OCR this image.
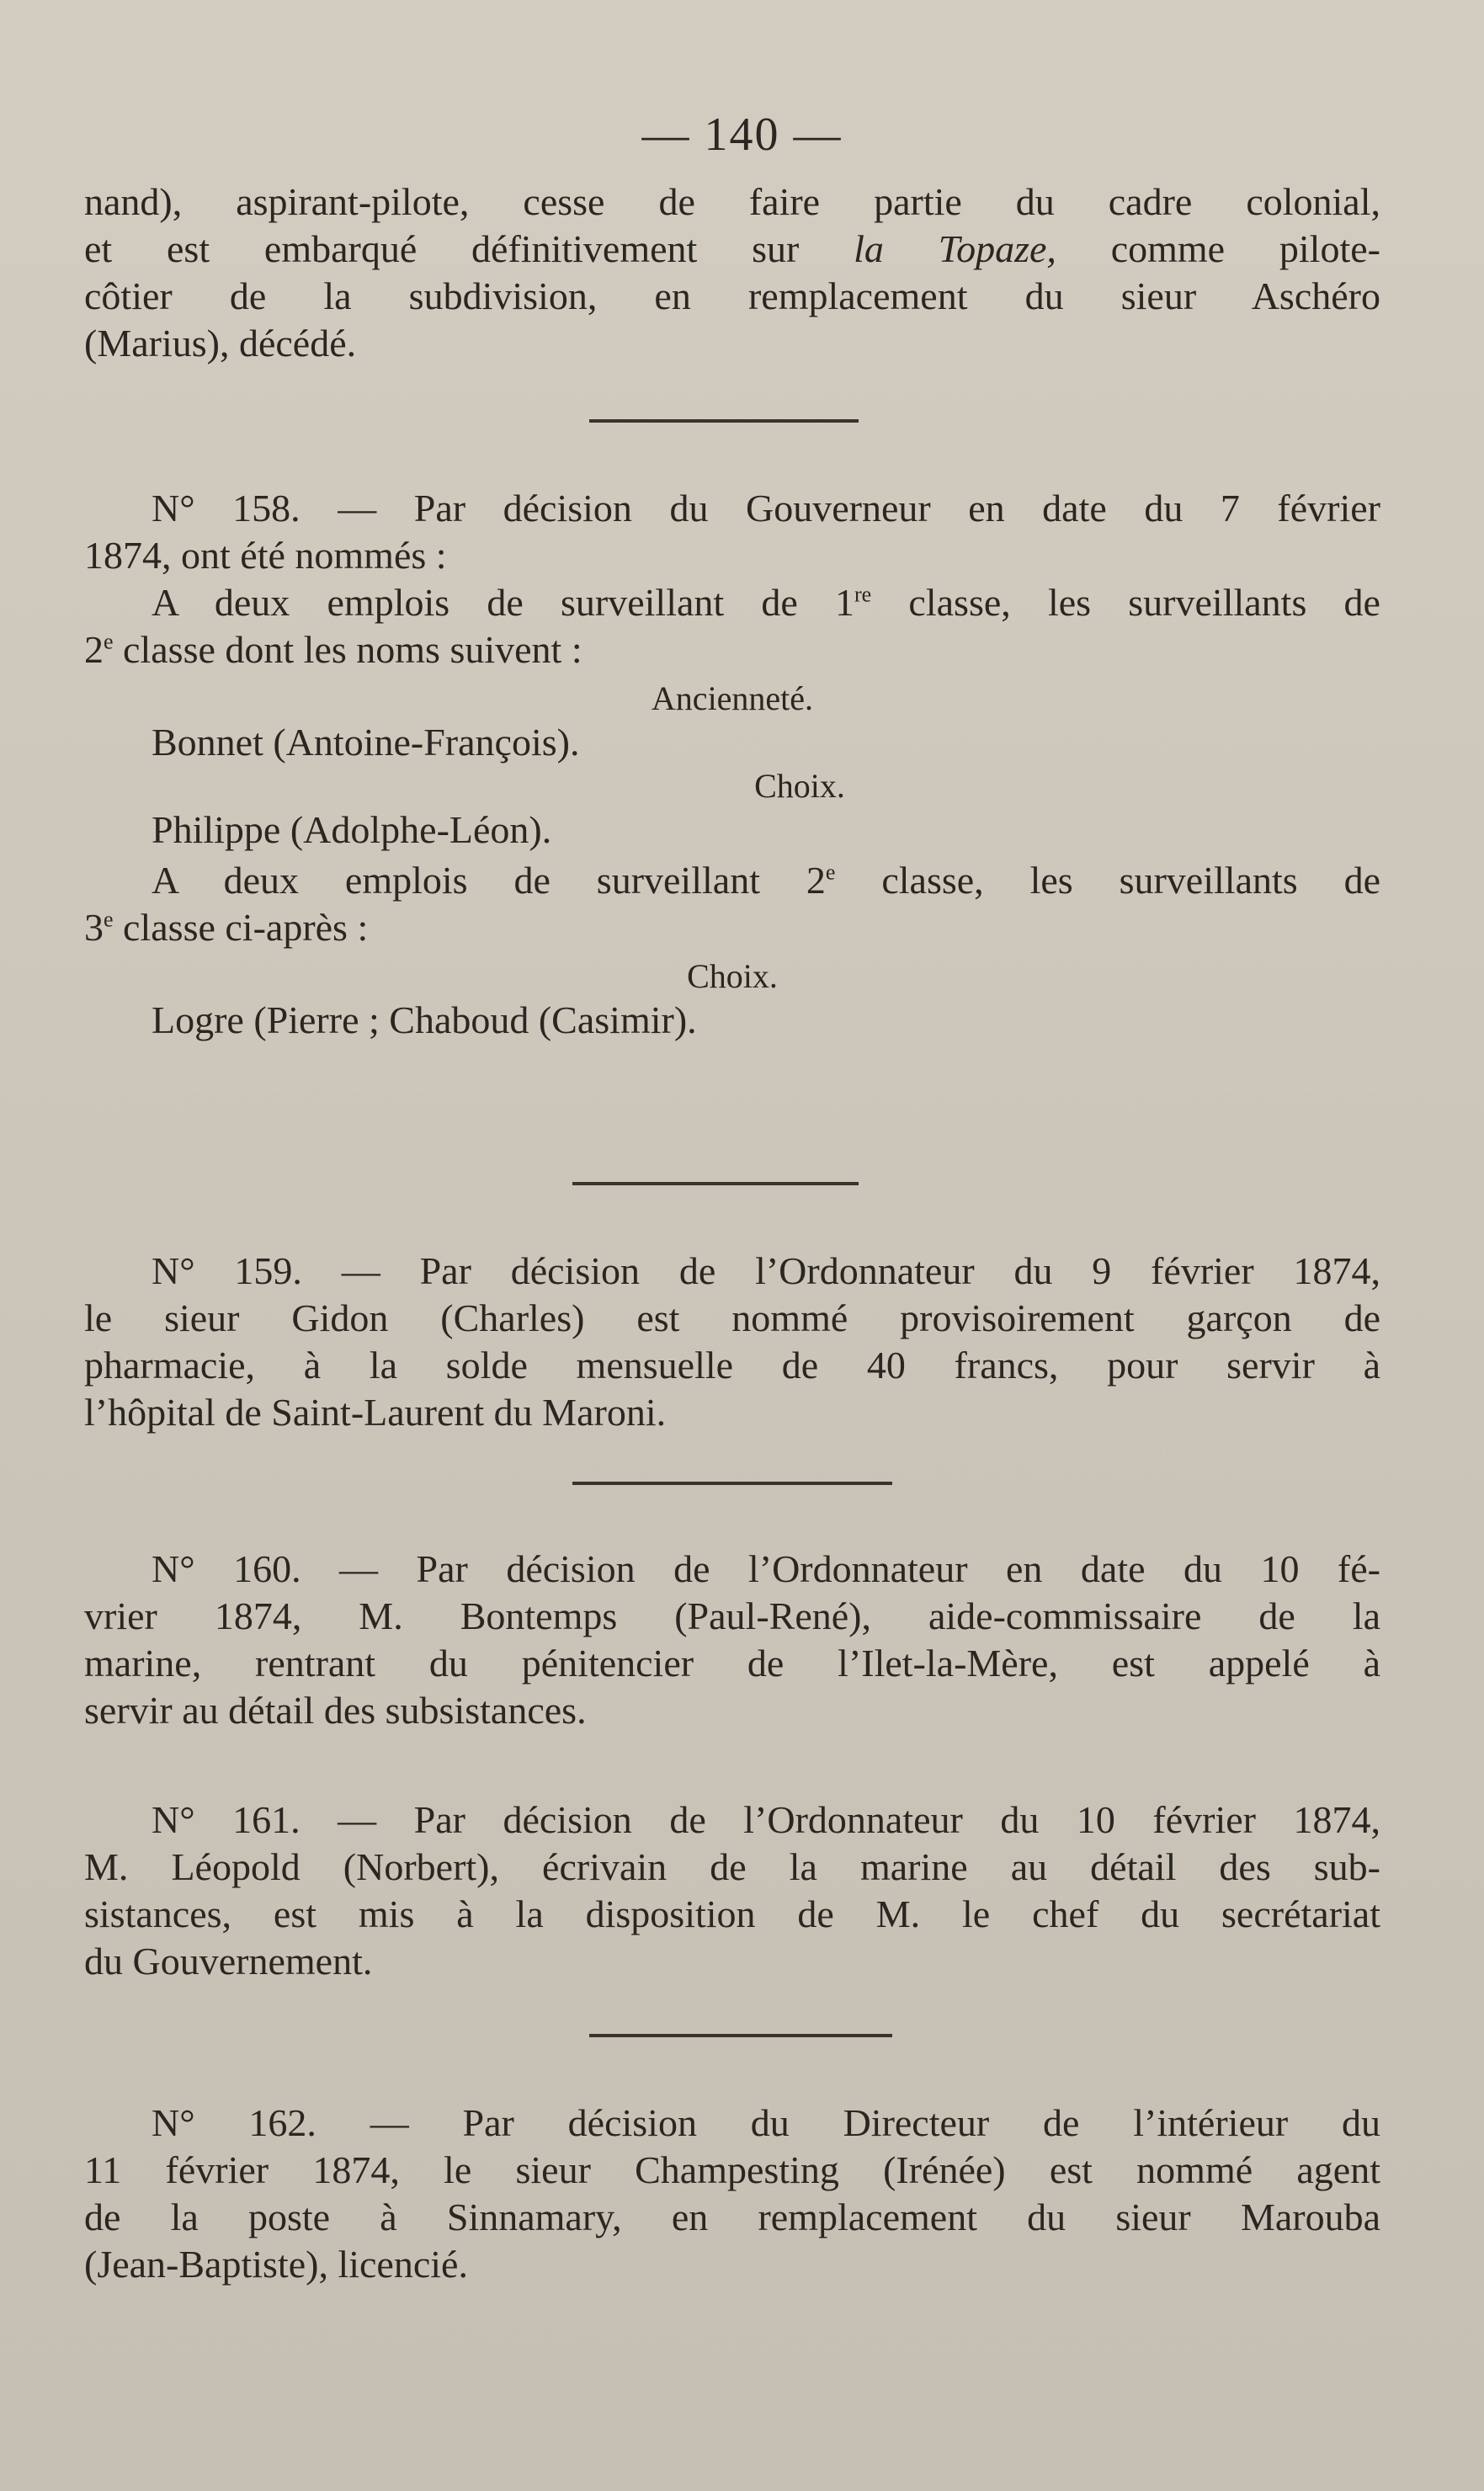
— 140 —

nand), aspirant-pilote, cesse de faire partie du cadre colonial,
et est embarqué définitivement sur la Topaze, comme pilote-
côtier de la subdivision, en remplacement du sieur Aschéro
(Marius), décédé.

N° 158. — Par décision du Gouverneur en date du 7 février
1874, ont été nommés :
A deux emplois de surveillant de 1re classe, les surveillants de
2e classe dont les noms suivent :

Ancienneté.
Bonnet (Antoine-François).
Choix.
Philippe (Adolphe-Léon).

A deux emplois de surveillant 2e classe, les surveillants de
3e classe ci-après :

Choix.
Logre (Pierre ; Chaboud (Casimir).

N° 159. — Par décision de l’Ordonnateur du 9 février 1874,
le sieur Gidon (Charles) est nommé provisoirement garçon de
pharmacie, à la solde mensuelle de 40 francs, pour servir à
l’hôpital de Saint-Laurent du Maroni.

N° 160. — Par décision de l’Ordonnateur en date du 10 fé-
vrier 1874, M. Bontemps (Paul-René), aide-commissaire de la
marine, rentrant du pénitencier de l’Ilet-la-Mère, est appelé à
servir au détail des subsistances.

N° 161. — Par décision de l’Ordonnateur du 10 février 1874,
M. Léopold (Norbert), écrivain de la marine au détail des sub-
sistances, est mis à la disposition de M. le chef du secrétariat
du Gouvernement.

N° 162. — Par décision du Directeur de l’intérieur du
11 février 1874, le sieur Champesting (Irénée) est nommé agent
de la poste à Sinnamary, en remplacement du sieur Marouba
(Jean-Baptiste), licencié.
